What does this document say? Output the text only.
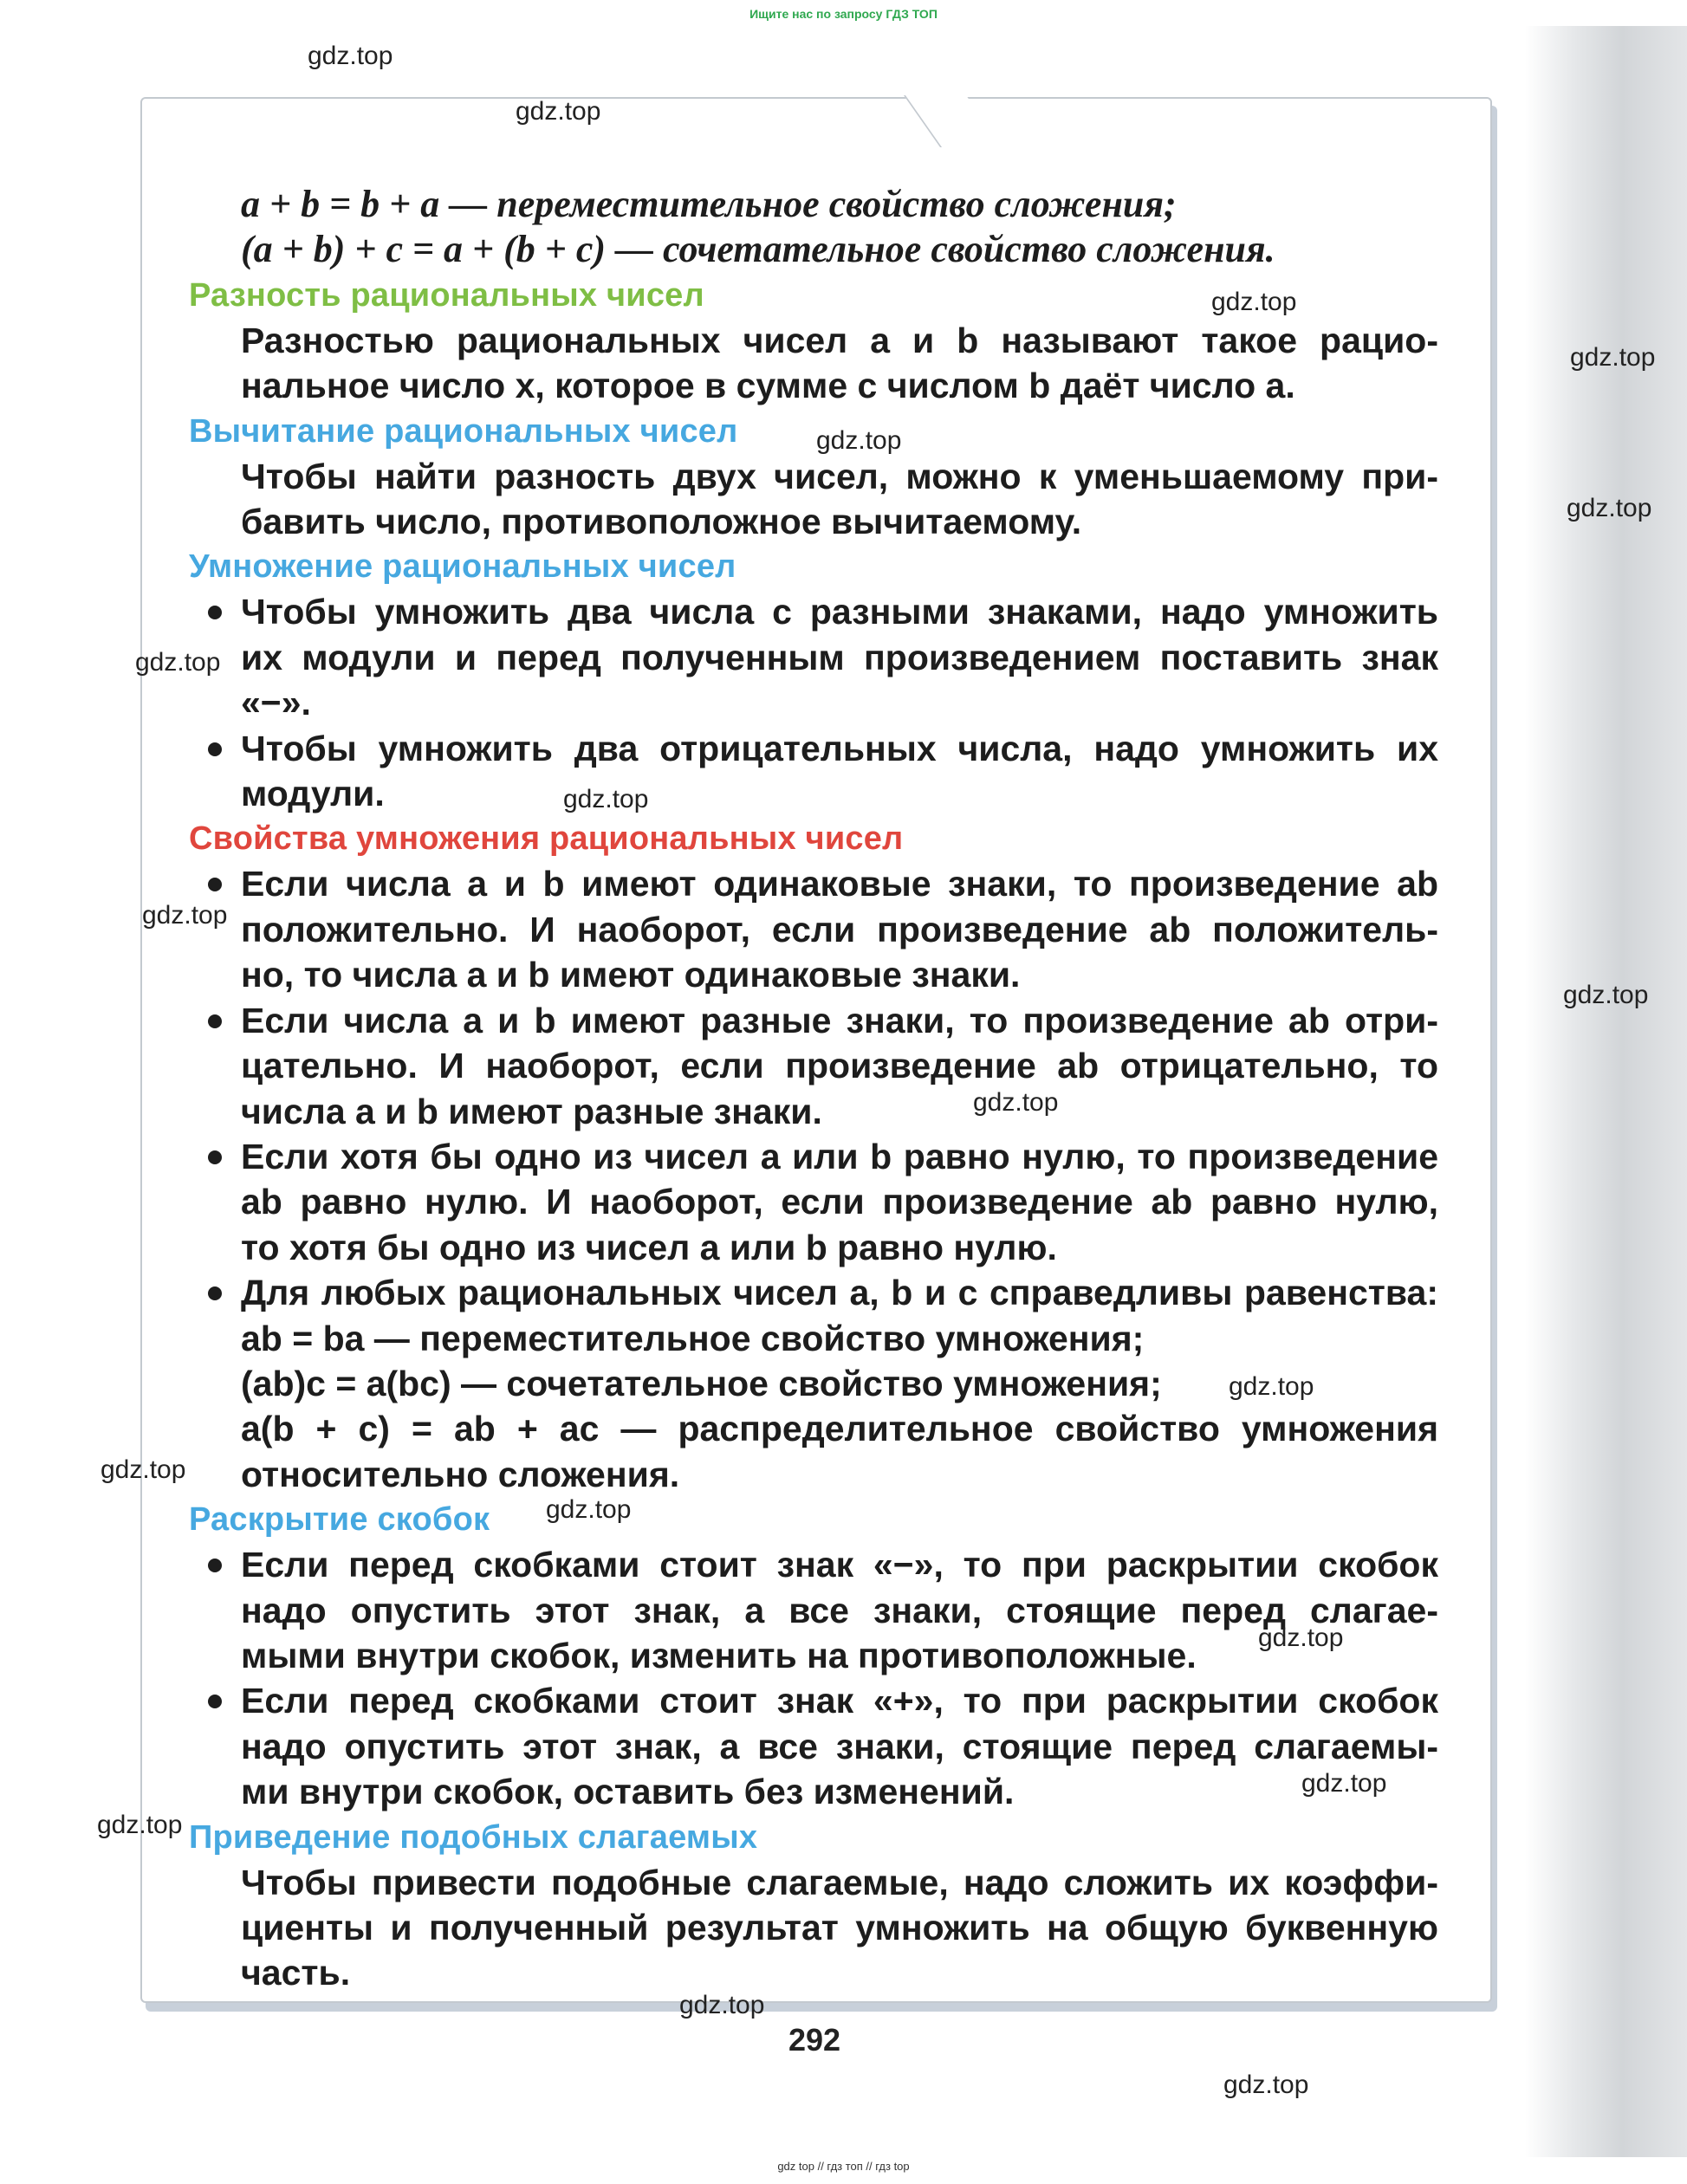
Ищите нас по запросу ГДЗ ТОП

a + b = b + a — переместительное свойство сложения;
(a + b) + c = a + (b + c) — сочетательное свойство сложения.

Разность рациональных чисел

Разностью рациональных чисел a и b называют такое рацио-
нальное число x, которое в сумме с числом b даёт число a.

Вычитание рациональных чисел

Чтобы найти разность двух чисел, можно к уменьшаемому при-
бавить число, противоположное вычитаемому.

Умножение рациональных чисел
Чтобы умножить два числа с разными знаками, надо умножить
их модули и перед полученным произведением поставить знак
«−».
Чтобы умножить два отрицательных числа, надо умножить их
модули.
Свойства умножения рациональных чисел
Если числа a и b имеют одинаковые знаки, то произведение ab
положительно. И наоборот, если произведение ab положитель-
но, то числа a и b имеют одинаковые знаки.
Если числа a и b имеют разные знаки, то произведение ab отри-
цательно. И наоборот, если произведение ab отрицательно, то
числа a и b имеют разные знаки.
Если хотя бы одно из чисел a или b равно нулю, то произведение
ab равно нулю. И наоборот, если произведение ab равно нулю,
то хотя бы одно из чисел a или b равно нулю.
Для любых рациональных чисел a, b и c справедливы равенства:
ab = ba — переместительное свойство умножения;
(ab)c = a(bc) — сочетательное свойство умножения;
a(b + c) = ab + ac — распределительное свойство умножения
относительно сложения.
Раскрытие скобок
Если перед скобками стоит знак «−», то при раскрытии скобок
надо опустить этот знак, а все знаки, стоящие перед слагае-
мыми внутри скобок, изменить на противоположные.
Если перед скобками стоит знак «+», то при раскрытии скобок
надо опустить этот знак, а все знаки, стоящие перед слагаемы-
ми внутри скобок, оставить без изменений.
Приведение подобных слагаемых

Чтобы привести подобные слагаемые, надо сложить их коэффи-
циенты и полученный результат умножить на общую буквенную
часть.

292
gdz top // гдз топ // гдз top
gdz.top
gdz.top
gdz.top
gdz.top
gdz.top
gdz.top
gdz.top
gdz.top
gdz.top
gdz.top
gdz.top
gdz.top
gdz.top
gdz.top
gdz.top
gdz.top
gdz.top
gdz.top
gdz.top
